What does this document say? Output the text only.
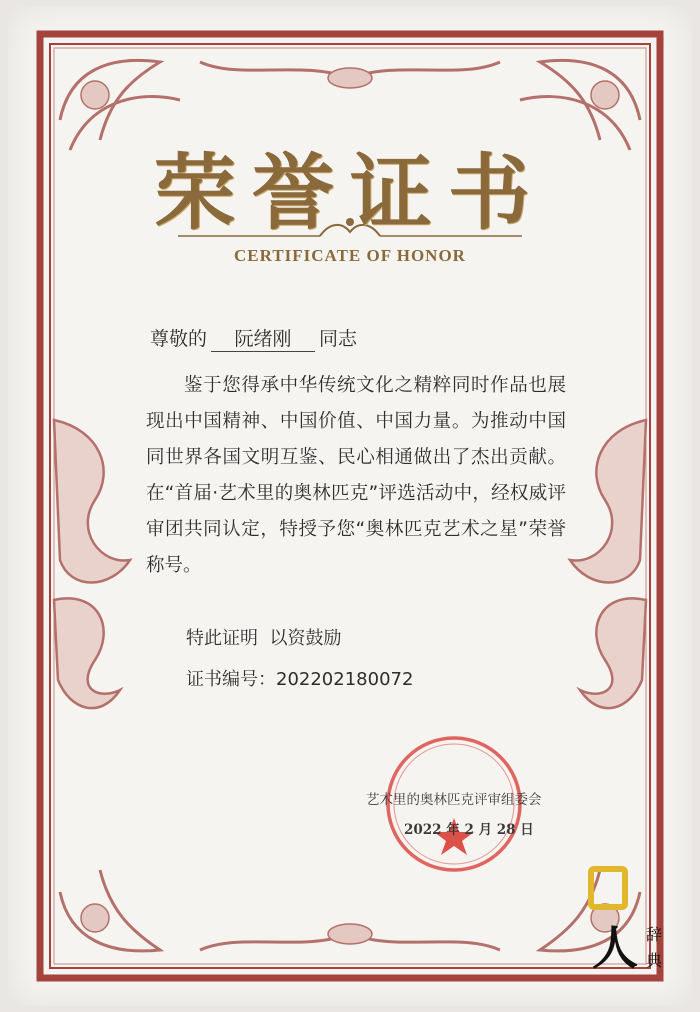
荣誉证书
CERTIFICATE OF HONOR
尊敬的 阮绪刚 同志
鉴于您得承中华传统文化之精粹同时作品也展现出中国精神、中国价值、中国力量。为推动中国同世界各国文明互鉴、民心相通做出了杰出贡献。在“首届·艺术里的奥林匹克”评选活动中，经权威评审团共同认定，特授予您“奥林匹克艺术之星”荣誉称号。
特此证明  以资鼓励
证书编号：202202180072
艺术里的奥林匹克评审组委会
2022 年 2 月 28 日
人 辞
典
